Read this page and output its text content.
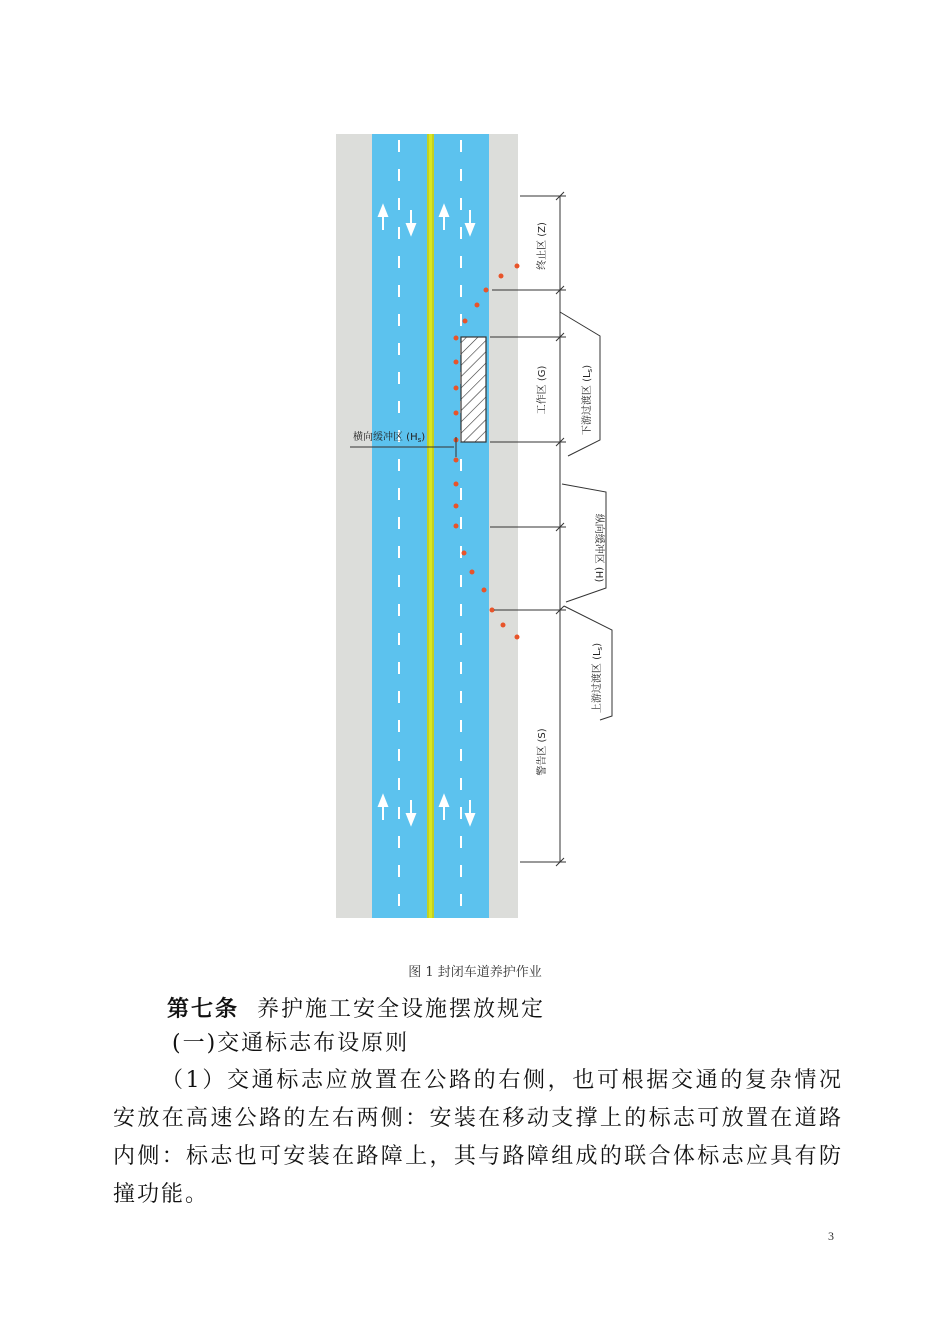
终止区 (Z)
工作区 (G)
警告区 (S)
纵向缓冲区 (H)
下游过渡区 $(L_s)$
上游过渡区 $(L_s)$
横向缓冲区 $(H_s)$
图 1 封闭车道养护作业
第七条 养护施工安全设施摆放规定
(一)交通标志布设原则
（1）交通标志应放置在公路的右侧，也可根据交通的复杂情况安放在高速公路的左右两侧：安装在移动支撑上的标志可放置在道路内侧：标志也可安装在路障上，其与路障组成的联合体标志应具有防撞功能。
3
